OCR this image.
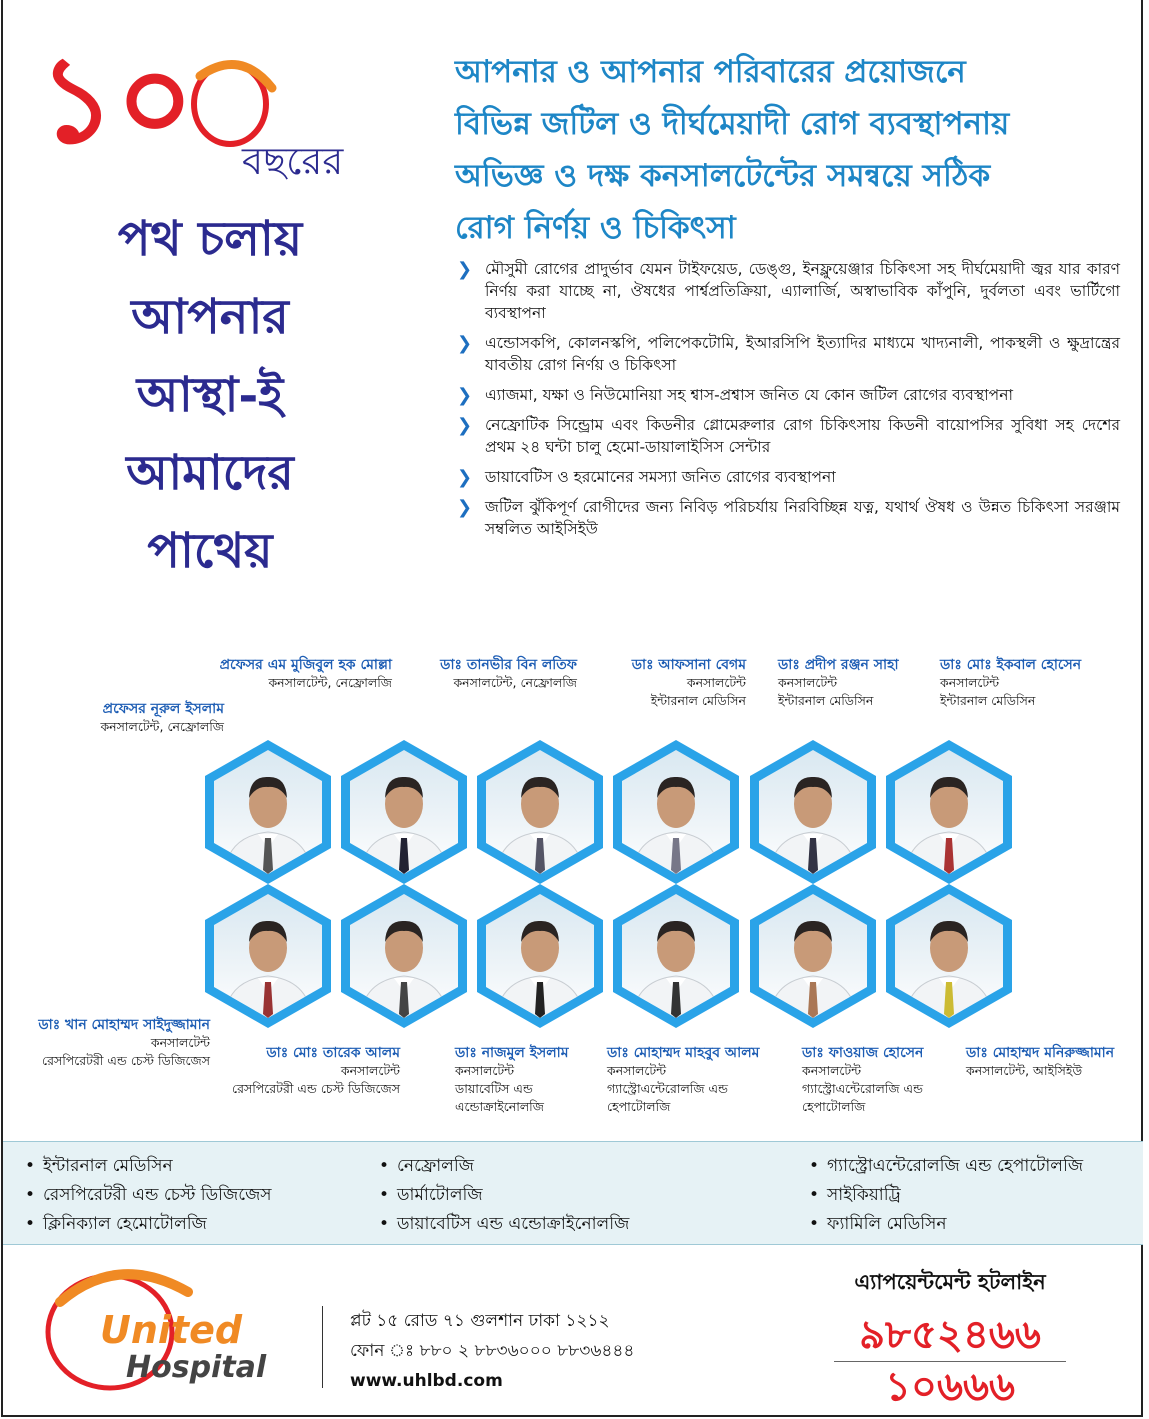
১০ বছরের
পথ চলায়
আপনার
আস্থা-ই
আমাদের
পাথেয়
আপনার ও আপনার পরিবারের প্রয়োজনে
বিভিন্ন জটিল ও দীর্ঘমেয়াদী রোগ ব্যবস্থাপনায়
অভিজ্ঞ ও দক্ষ কনসালটেন্টের সমন্বয়ে সঠিক
রোগ নির্ণয় ও চিকিৎসা
❯ মৌসুমী রোগের প্রাদুর্ভাব যেমন টাইফয়েড, ডেঙ্গু, ইনফ্লুয়েঞ্জার চিকিৎসা সহ দীর্ঘমেয়াদী জ্বর যার কারণ নির্ণয় করা যাচ্ছে না, ঔষধের পার্শ্বপ্রতিক্রিয়া, এ্যালার্জি, অস্বাভাবিক কাঁপুনি, দুর্বলতা এবং ভার্টিগো ব্যবস্থাপনা
❯ এন্ডোসকপি, কোলনস্কপি, পলিপেকটোমি, ইআরসিপি ইত্যাদির মাধ্যমে খাদ্যনালী, পাকস্থলী ও ক্ষুদ্রান্ত্রের যাবতীয় রোগ নির্ণয় ও চিকিৎসা
❯ এ্যাজমা, যক্ষা ও নিউমোনিয়া সহ শ্বাস-প্রশ্বাস জনিত যে কোন জটিল রোগের ব্যবস্থাপনা
❯ নেফ্রোটিক সিন্ড্রোম এবং কিডনীর গ্লোমেরুলার রোগ চিকিৎসায় কিডনী বায়োপসির সুবিধা সহ দেশের প্রথম ২৪ ঘন্টা চালু হেমো-ডায়ালাইসিস সেন্টার
❯ ডায়াবেটিস ও হরমোনের সমস্যা জনিত রোগের ব্যবস্থাপনা
❯ জটিল ঝুঁকিপূর্ণ রোগীদের জন্য নিবিড় পরিচর্যায় নিরবিচ্ছিন্ন যত্ন, যথার্থ ঔষধ ও উন্নত চিকিৎসা সরঞ্জাম সম্বলিত আইসিইউ
প্রফেসর নূরুল ইসলাম
কনসালটেন্ট, নেফ্রোলজি
প্রফেসর এম মুজিবুল হক মোল্লা
কনসালটেন্ট, নেফ্রোলজি
ডাঃ তানভীর বিন লতিফ
কনসালটেন্ট, নেফ্রোলজি
ডাঃ আফসানা বেগম
কনসালটেন্ট
ইন্টারনাল মেডিসিন
ডাঃ প্রদীপ রঞ্জন সাহা
কনসালটেন্ট
ইন্টারনাল মেডিসিন
ডাঃ মোঃ ইকবাল হোসেন
কনসালটেন্ট
ইন্টারনাল মেডিসিন
ডাঃ খান মোহাম্মদ সাইদুজ্জামান
কনসালটেন্ট
রেসপিরেটরী এন্ড চেস্ট ডিজিজেস	ডাঃ মোঃ তারেক আলম
কনসালটেন্ট
রেসপিরেটরী এন্ড চেস্ট ডিজিজেস
ডাঃ নাজমুল ইসলাম
কনসালটেন্ট
ডায়াবেটিস এন্ড
এন্ডোক্রাইনোলজি
ডাঃ মোহাম্মদ মাহবুব আলম
কনসালটেন্ট
গ্যাস্ট্রোএন্টেরোলজি এন্ড
হেপাটোলজি
ডাঃ ফাওয়াজ হোসেন
কনসালটেন্ট
গ্যাস্ট্রোএন্টেরোলজি এন্ড
হেপাটোলজি
ডাঃ মোহাম্মদ মনিরুজ্জামান
কনসালটেন্ট, আইসিইউ
• ইন্টারনাল মেডিসিন
• রেসপিরেটরী এন্ড চেস্ট ডিজিজেস
• ক্লিনিক্যাল হেমোটোলজি
• নেফ্রোলজি
• ডার্মাটোলজি
• ডায়াবেটিস এন্ড এন্ডোক্রাইনোলজি
• গ্যাস্ট্রোএন্টেরোলজি এন্ড হেপাটোলজি
• সাইকিয়াট্রি
• ফ্যামিলি মেডিসিন
United
Hospital
প্লট ১৫ রোড ৭১ গুলশান ঢাকা ১২১২
ফোন ঃ ৮৮০ ২ ৮৮৩৬০০০ ৮৮৩৬৪৪৪
www.uhlbd.com
এ্যাপয়েন্টমেন্ট হটলাইন
৯৮৫২৪৬৬
১০৬৬৬
